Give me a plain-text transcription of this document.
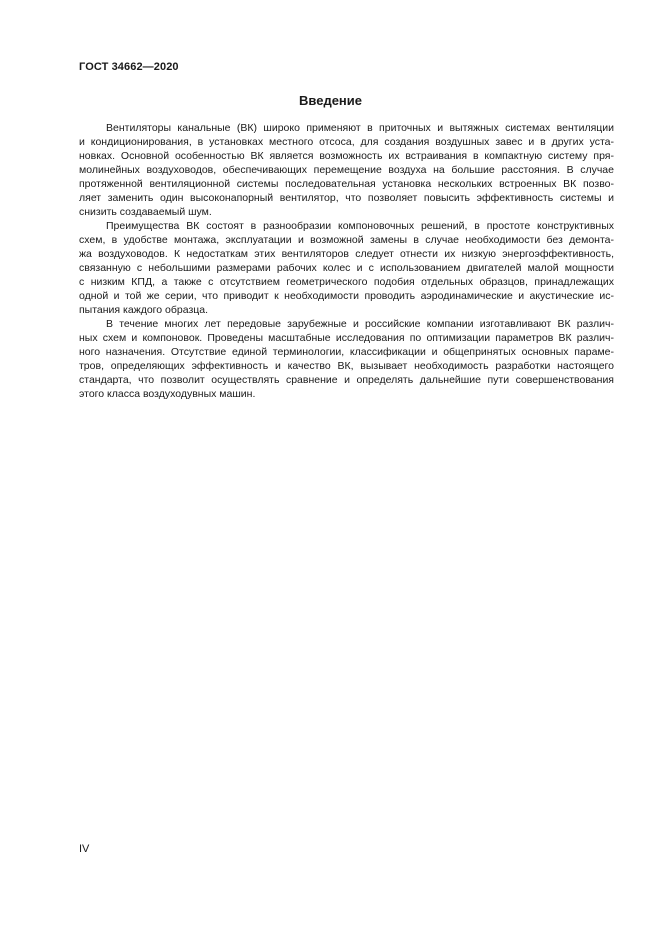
ГОСТ 34662—2020
Введение
Вентиляторы канальные (ВК) широко применяют в приточных и вытяжных системах вентиляции
и кондиционирования, в установках местного отсоса, для создания воздушных завес и в других уста-
новках. Основной особенностью ВК является возможность их встраивания в компактную систему пря-
молинейных воздуховодов, обеспечивающих перемещение воздуха на большие расстояния. В случае
протяженной вентиляционной системы последовательная установка нескольких встроенных ВК позво-
ляет заменить один высоконапорный вентилятор, что позволяет повысить эффективность системы и
снизить создаваемый шум.
Преимущества ВК состоят в разнообразии компоновочных решений, в простоте конструктивных
схем, в удобстве монтажа, эксплуатации и возможной замены в случае необходимости без демонта-
жа воздуховодов. К недостаткам этих вентиляторов следует отнести их низкую энергоэффективность,
связанную с небольшими размерами рабочих колес и с использованием двигателей малой мощности
с низким КПД, а также с отсутствием геометрического подобия отдельных образцов, принадлежащих
одной и той же серии, что приводит к необходимости проводить аэродинамические и акустические ис-
пытания каждого образца.
В течение многих лет передовые зарубежные и российские компании изготавливают ВК различ-
ных схем и компоновок. Проведены масштабные исследования по оптимизации параметров ВК различ-
ного назначения. Отсутствие единой терминологии, классификации и общепринятых основных параме-
тров, определяющих эффективность и качество ВК, вызывает необходимость разработки настоящего
стандарта, что позволит осуществлять сравнение и определять дальнейшие пути совершенствования
этого класса воздуходувных машин.
IV
